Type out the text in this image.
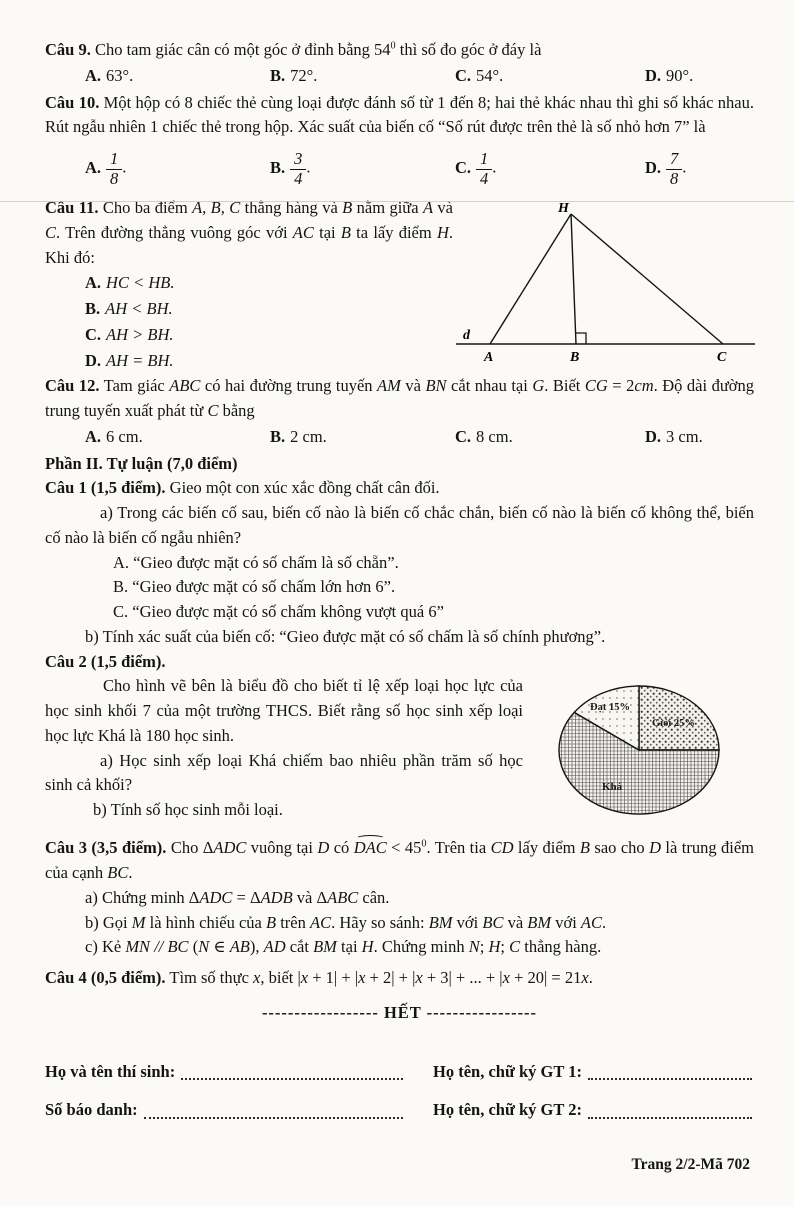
Câu 9. Cho tam giác cân có một góc ở đỉnh bằng $54^0$ thì số đo góc ở đáy là

A. 63°.	B. 72°.	C. 54°.	D. 90°.

Câu 10. Một hộp có 8 chiếc thẻ cùng loại được đánh số từ 1 đến 8; hai thẻ khác nhau thì ghi số khác nhau. Rút ngẫu nhiên 1 chiếc thẻ trong hộp. Xác suất của biến cố “Số rút được trên thẻ là số nhỏ hơn 7” là

A. $\frac{1}{8}$ .	B. $\frac{3}{4}$ .	C. $\frac{1}{4}$ .	D. $\frac{7}{8}$ .

Câu 11. Cho ba điểm A, B, C thẳng hàng và B nằm giữa A và C. Trên đường thẳng vuông góc với AC tại B ta lấy điểm H. Khi đó:

A. HC < HB.

B. AH < BH.

C. AH > BH.

D. AH = BH.

d
A	B	C
H

Câu 12. Tam giác ABC có hai đường trung tuyến AM và BN cắt nhau tại G. Biết CG = 2cm. Độ dài đường trung tuyến xuất phát từ C bằng

A. 6 cm.	B. 2 cm.	C. 8 cm.	D. 3 cm.

Phần II. Tự luận (7,0 điểm)

Câu 1 (1,5 điểm). Gieo một con xúc xắc đồng chất cân đối.

a) Trong các biến cố sau, biến cố nào là biến cố chắc chắn, biến cố nào là biến cố không thể, biến cố nào là biến cố ngẫu nhiên?

A. “Gieo được mặt có số chấm là số chẵn”.

B. “Gieo được mặt có số chấm lớn hơn 6”.

C. “Gieo được mặt có số chấm không vượt quá 6”

b) Tính xác suất của biến cố: “Gieo được mặt có số chấm là số chính phương”.

Câu 2 (1,5 điểm).

Cho hình vẽ bên là biểu đồ cho biết tỉ lệ xếp loại học lực của học sinh khối 7 của một trường THCS. Biết rằng số học sinh xếp loại học lực Khá là 180 học sinh.

a) Học sinh xếp loại Khá chiếm bao nhiêu phần trăm số học sinh cả khối?

b) Tính số học sinh mỗi loại.

Đạt 15%
Giỏi 25%
Khá

Câu 3 (3,5 điểm). Cho ΔADC vuông tại D có DAC < $45^0$. Trên tia CD lấy điểm B sao cho D là trung điểm của cạnh BC.

a) Chứng minh ΔADC = ΔADB và ΔABC cân.

b) Gọi M là hình chiếu của B trên AC. Hãy so sánh: BM với BC và BM với AC.

c) Kẻ MN // BC (N ∈ AB), AD cắt BM tại H. Chứng minh N; H; C thẳng hàng.

Câu 4 (0,5 điểm). Tìm số thực x, biết |x + 1| + |x + 2| + |x + 3| + ... + |x + 20| = 21x.

------------------ HẾT -----------------

Họ và tên thí sinh:	Họ tên, chữ ký GT 1:
Số báo danh:	Họ tên, chữ ký GT 2:

Trang 2/2-Mã 702
